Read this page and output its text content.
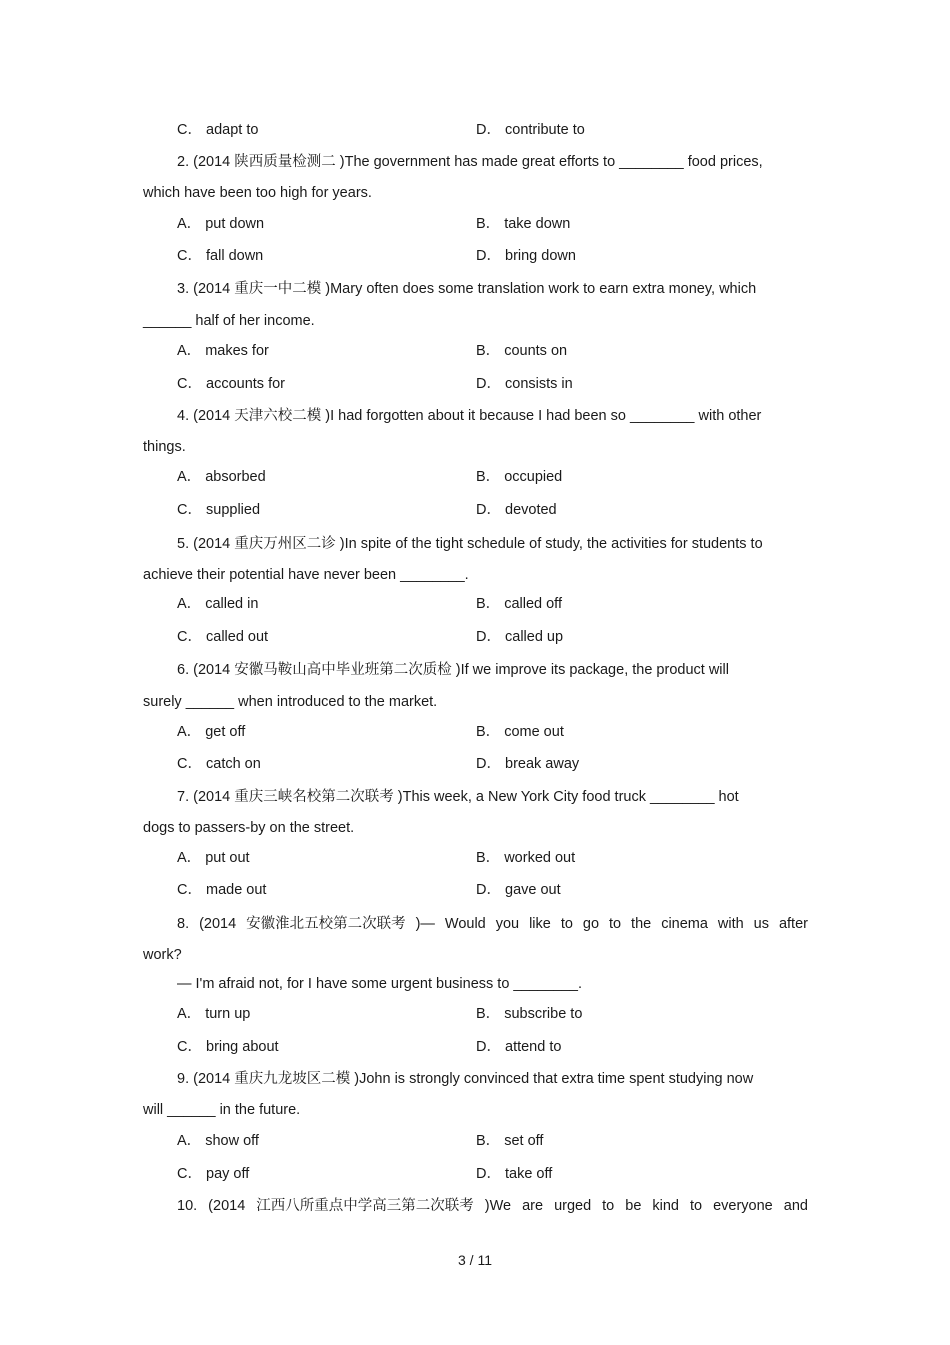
C． adapt to	D． contribute to
2. (2014 陕西质量检测二 )The government has made great efforts to ________ food prices,
which have been too high for years.
A． put down	B． take down
C． fall down	D． bring down
3. (2014 重庆一中二模 )Mary often does some translation work to earn extra money, which
______ half of her income.
A． makes for	B． counts on
C． accounts for	D． consists in
4. (2014 天津六校二模 )I had forgotten about it because I had been so ________ with other
things.
A． absorbed	B． occupied
C． supplied	D． devoted
5. (2014 重庆万州区二诊 )In spite of the tight schedule of study, the activities for students to
achieve their potential have never been ________.
A． called in	B． called off
C． called out	D． called up
6. (2014 安徽马鞍山高中毕业班第二次质检 )If we improve its package, the product will
surely ______ when introduced to the market.
A． get off	B． come out
C． catch on	D． break away
7. (2014 重庆三峡名校第二次联考 )This week, a New York City food truck ________ hot
dogs to passers-by on the street.
A． put out	B． worked out
C． made out	D． gave out
8. (2014 安徽淮北五校第二次联考 )— Would you like to go to the cinema with us after
work?
— I'm afraid not, for I have some urgent business to ________.
A． turn up	B． subscribe to
C． bring about	D． attend to
9. (2014 重庆九龙坡区二模 )John is strongly convinced that extra time spent studying now
will ______ in the future.
A． show off	B． set off
C． pay off	D． take off
10. (2014 江西八所重点中学高三第二次联考 )We are urged to be kind to everyone and
3 / 11
